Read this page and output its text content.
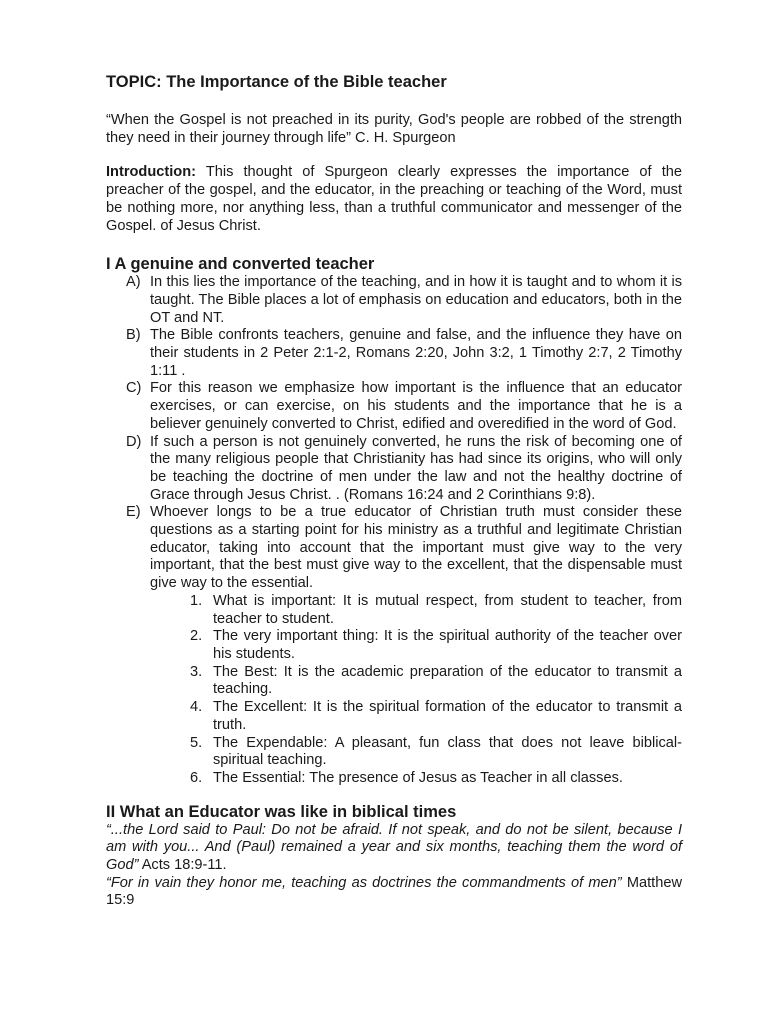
TOPIC: The Importance of the Bible teacher

“When the Gospel is not preached in its purity, God's people are robbed of the strength they need in their journey through life” C. H. Spurgeon

Introduction: This thought of Spurgeon clearly expresses the importance of the preacher of the gospel, and the educator, in the preaching or teaching of the Word, must be nothing more, nor anything less, than a truthful communicator and messenger of the Gospel. of Jesus Christ.

I A genuine and converted teacher
A) In this lies the importance of the teaching, and in how it is taught and to whom it is taught. The Bible places a lot of emphasis on education and educators, both in the OT and NT.
B) The Bible confronts teachers, genuine and false, and the influence they have on their students in 2 Peter 2:1-2, Romans 2:20, John 3:2, 1 Timothy 2:7, 2 Timothy 1:11 .
C) For this reason we emphasize how important is the influence that an educator exercises, or can exercise, on his students and the importance that he is a believer genuinely converted to Christ, edified and overedified in the word of God.
D) If such a person is not genuinely converted, he runs the risk of becoming one of the many religious people that Christianity has had since its origins, who will only be teaching the doctrine of men under the law and not the healthy doctrine of Grace through Jesus Christ. . (Romans 16:24 and 2 Corinthians 9:8).
E) Whoever longs to be a true educator of Christian truth must consider these questions as a starting point for his ministry as a truthful and legitimate Christian educator, taking into account that the important must give way to the very important, that the best must give way to the excellent, that the dispensable must give way to the essential.
1. What is important: It is mutual respect, from student to teacher, from teacher to student.
2. The very important thing: It is the spiritual authority of the teacher over his students.
3. The Best: It is the academic preparation of the educator to transmit a teaching.
4. The Excellent: It is the spiritual formation of the educator to transmit a truth.
5. The Expendable: A pleasant, fun class that does not leave biblical-spiritual teaching.
6. The Essential: The presence of Jesus as Teacher in all classes.
II What an Educator was like in biblical times

“...the Lord said to Paul: Do not be afraid. If not speak, and do not be silent, because I am with you... And (Paul) remained a year and six months, teaching them the word of God” Acts 18:9-11.

“For in vain they honor me, teaching as doctrines the commandments of men” Matthew 15:9
